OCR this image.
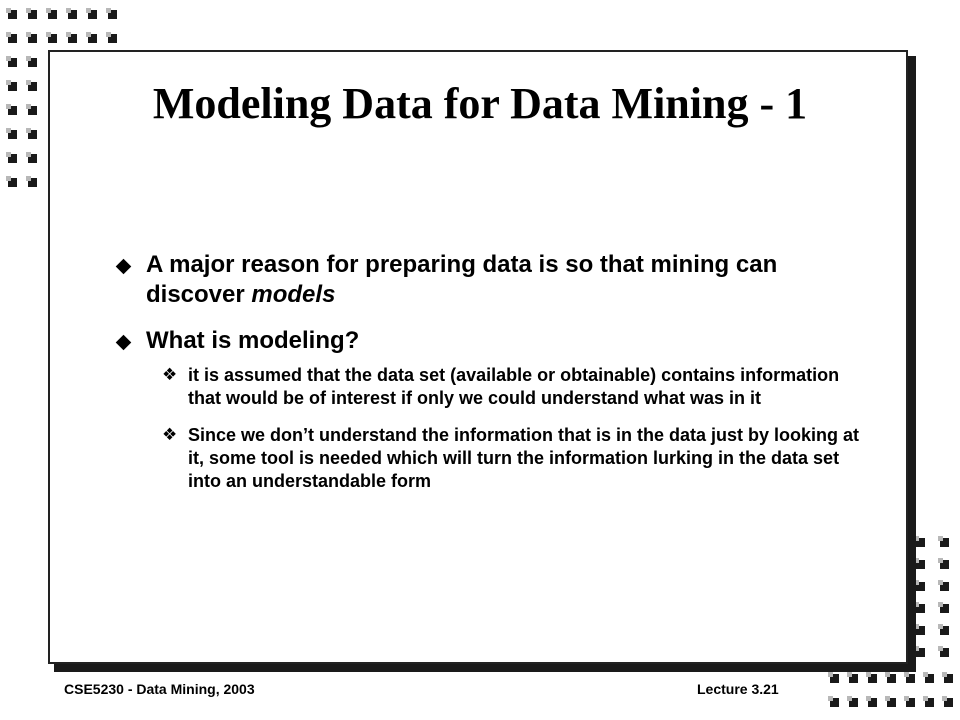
Modeling Data for Data Mining - 1
A major reason for preparing data is so that mining can discover models
What is modeling?
❖ it is assumed that the data set (available or obtainable) contains information that would be of interest if only we could understand what was in it
❖ Since we don’t understand the information that is in the data just by looking at it, some tool is needed which will turn the information lurking in the data set into an understandable form
CSE5230 - Data Mining, 2003	Lecture 3.21
